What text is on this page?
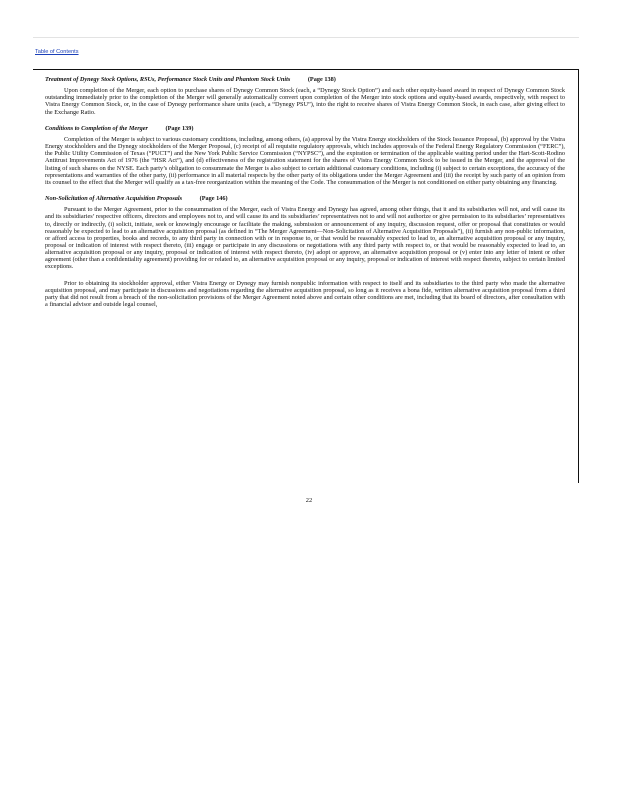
Table of Contents
Treatment of Dynegy Stock Options, RSUs, Performance Stock Units and Phantom Stock Units	(Page 138)

Upon completion of the Merger, each option to purchase shares of Dynegy Common Stock (each, a “Dynegy Stock Option”) and each other equity-based award in respect of Dynegy Common Stock outstanding immediately prior to the completion of the Merger will generally automatically convert upon completion of the Merger into stock options and equity-based awards, respectively, with respect to Vistra Energy Common Stock, or, in the case of Dynegy performance share units (each, a “Dynegy PSU”), into the right to receive shares of Vistra Energy Common Stock, in each case, after giving effect to the Exchange Ratio.

Conditions to Completion of the Merger	(Page 139)

Completion of the Merger is subject to various customary conditions, including, among others, (a) approval by the Vistra Energy stockholders of the Stock Issuance Proposal, (b) approval by the Vistra Energy stockholders and the Dynegy stockholders of the Merger Proposal, (c) receipt of all requisite regulatory approvals, which includes approvals of the Federal Energy Regulatory Commission (“FERC”), the Public Utility Commission of Texas (“PUCT”) and the New York Public Service Commission (“NYPSC”), and the expiration or termination of the applicable waiting period under the Hart-Scott-Rodino Antitrust Improvements Act of 1976 (the “HSR Act”), and (d) effectiveness of the registration statement for the shares of Vistra Energy Common Stock to be issued in the Merger, and the approval of the listing of such shares on the NYSE. Each party’s obligation to consummate the Merger is also subject to certain additional customary conditions, including (i) subject to certain exceptions, the accuracy of the representations and warranties of the other party, (ii) performance in all material respects by the other party of its obligations under the Merger Agreement and (iii) the receipt by such party of an opinion from its counsel to the effect that the Merger will qualify as a tax-free reorganization within the meaning of the Code. The consummation of the Merger is not conditioned on either party obtaining any financing.

Non-Solicitation of Alternative Acquisition Proposals	(Page 146)

Pursuant to the Merger Agreement, prior to the consummation of the Merger, each of Vistra Energy and Dynegy has agreed, among other things, that it and its subsidiaries will not, and will cause its and its subsidiaries’ respective officers, directors and employees not to, and will cause its and its subsidiaries’ representatives not to and will not authorize or give permission to its subsidiaries’ representatives to, directly or indirectly, (i) solicit, initiate, seek or knowingly encourage or facilitate the making, submission or announcement of any inquiry, discussion request, offer or proposal that constitutes or would reasonably be expected to lead to an alternative acquisition proposal (as defined in “The Merger Agreement—Non-Solicitation of Alternative Acquisition Proposals”), (ii) furnish any non-public information, or afford access to properties, books and records, to any third party in connection with or in response to, or that would be reasonably expected to lead to, an alternative acquisition proposal or any inquiry, proposal or indication of interest with respect thereto, (iii) engage or participate in any discussions or negotiations with any third party with respect to, or that would be reasonably expected to lead to, an alternative acquisition proposal or any inquiry, proposal or indication of interest with respect thereto, (iv) adopt or approve, an alternative acquisition proposal or (v) enter into any letter of intent or other agreement (other than a confidentiality agreement) providing for or related to, an alternative acquisition proposal or any inquiry, proposal or indication of interest with respect thereto, subject to certain limited exceptions.

Prior to obtaining its stockholder approval, either Vistra Energy or Dynegy may furnish nonpublic information with respect to itself and its subsidiaries to the third party who made the alternative acquisition proposal, and may participate in discussions and negotiations regarding the alternative acquisition proposal, so long as it receives a bona fide, written alternative acquisition proposal from a third party that did not result from a breach of the non-solicitation provisions of the Merger Agreement noted above and certain other conditions are met, including that its board of directors, after consultation with a financial advisor and outside legal counsel,

22
